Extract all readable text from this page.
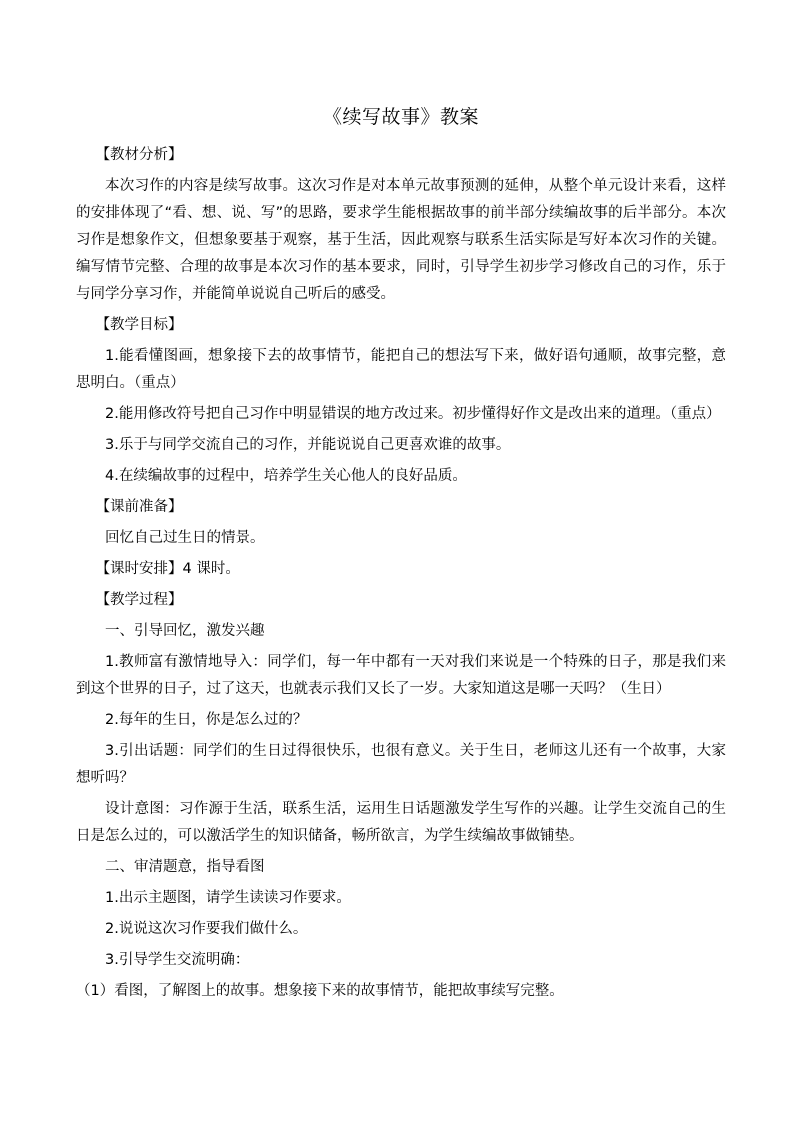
《续写故事》教案
【教材分析】
本次习作的内容是续写故事。这次习作是对本单元故事预测的延伸，从整个单元设计来看，这样的安排体现了“看、想、说、写”的思路，要求学生能根据故事的前半部分续编故事的后半部分。本次习作是想象作文，但想象要基于观察，基于生活，因此观察与联系生活实际是写好本次习作的关键。编写情节完整、合理的故事是本次习作的基本要求，同时，引导学生初步学习修改自己的习作，乐于与同学分享习作，并能简单说说自己听后的感受。
【教学目标】
1.能看懂图画，想象接下去的故事情节，能把自己的想法写下来，做好语句通顺，故事完整，意思明白。（重点）
2.能用修改符号把自己习作中明显错误的地方改过来。初步懂得好作文是改出来的道理。（重点）
3.乐于与同学交流自己的习作，并能说说自己更喜欢谁的故事。
4.在续编故事的过程中，培养学生关心他人的良好品质。
【课前准备】
回忆自己过生日的情景。
【课时安排】4 课时。
【教学过程】
一、引导回忆，激发兴趣
1.教师富有激情地导入：同学们，每一年中都有一天对我们来说是一个特殊的日子，那是我们来到这个世界的日子，过了这天，也就表示我们又长了一岁。大家知道这是哪一天吗？（生日）
2.每年的生日，你是怎么过的？
3.引出话题：同学们的生日过得很快乐，也很有意义。关于生日，老师这儿还有一个故事，大家想听吗？
设计意图：习作源于生活，联系生活，运用生日话题激发学生写作的兴趣。让学生交流自己的生日是怎么过的，可以激活学生的知识储备，畅所欲言，为学生续编故事做铺垫。
二、审清题意，指导看图
1.出示主题图，请学生读读习作要求。
2.说说这次习作要我们做什么。
3.引导学生交流明确：
（1）看图，了解图上的故事。想象接下来的故事情节，能把故事续写完整。
